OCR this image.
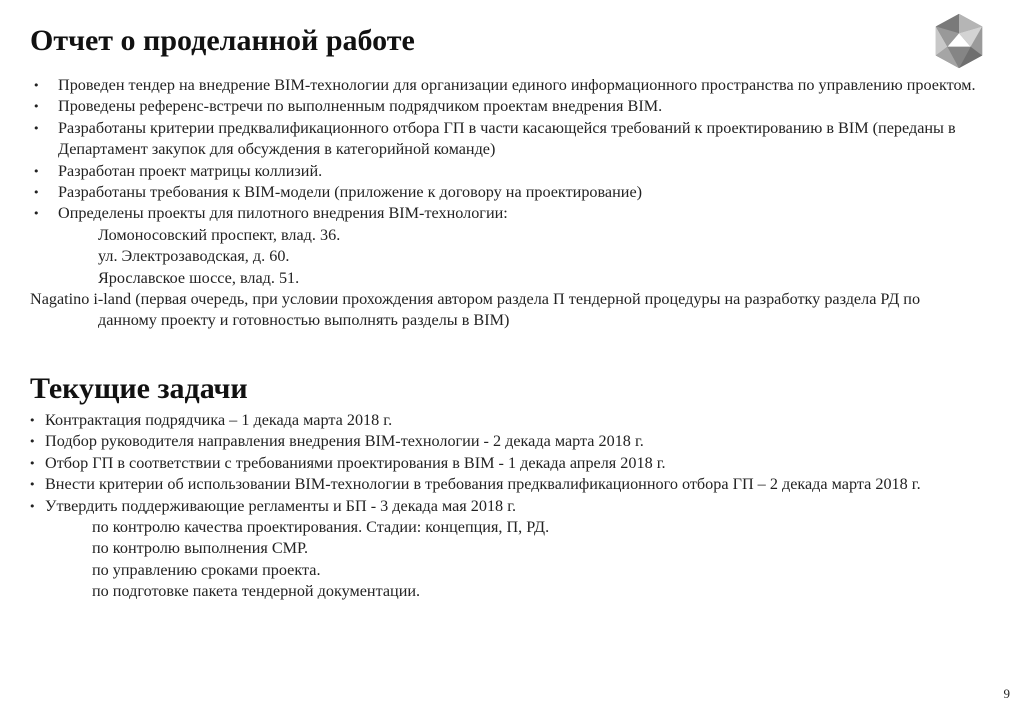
Отчет о проделанной работе
• Проведен тендер на внедрение BIM-технологии для организации единого информационного пространства по управлению проектом.
• Проведены референс-встречи по выполненным подрядчиком проектам внедрения BIM.
• Разработаны критерии предквалификационного отбора ГП в части касающейся требований к проектированию в BIM (переданы в Департамент закупок для обсуждения в категорийной команде)
• Разработан проект матрицы коллизий.
• Разработаны требования к BIM-модели (приложение к договору на проектирование)
• Определены проекты для пилотного внедрения BIM-технологии:
Ломоносовский проспект, влад. 36.
ул. Электрозаводская, д. 60.
Ярославское шоссе, влад. 51.
Nagatino i-land (первая очередь, при условии прохождения автором раздела П тендерной процедуры на разработку раздела РД по данному проекту и готовностью выполнять разделы в BIM)
Текущие задачи
• Контрактация подрядчика – 1 декада марта 2018 г.
• Подбор руководителя направления внедрения BIM-технологии - 2 декада марта 2018 г.
• Отбор ГП в соответствии с требованиями проектирования в BIM - 1 декада апреля 2018 г.
• Внести критерии об использовании BIM-технологии в требования предквалификационного отбора ГП – 2 декада марта 2018 г.
• Утвердить поддерживающие регламенты и БП - 3 декада мая 2018 г.
по контролю качества проектирования. Стадии: концепция, П, РД.
по контролю выполнения СМР.
по управлению сроками проекта.
по подготовке пакета тендерной документации.
9
